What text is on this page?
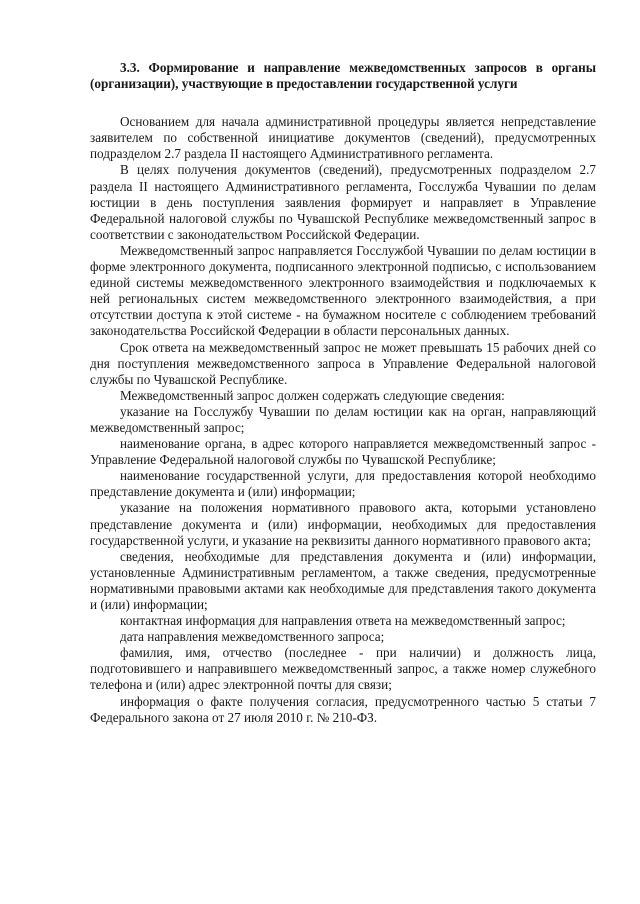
3.3. Формирование и направление межведомственных запросов в органы (организации), участвующие в предоставлении государственной услуги

Основанием для начала административной процедуры является непредставление заявителем по собственной инициативе документов (сведений), предусмотренных подразделом 2.7 раздела II настоящего Административного регламента.

В целях получения документов (сведений), предусмотренных подразделом 2.7 раздела II настоящего Административного регламента, Госслужба Чувашии по делам юстиции в день поступления заявления формирует и направляет в Управление Федеральной налоговой службы по Чувашской Республике межведомственный запрос в соответствии с законодательством Российской Федерации.

Межведомственный запрос направляется Госслужбой Чувашии по делам юстиции в форме электронного документа, подписанного электронной подписью, с использованием единой системы межведомственного электронного взаимодействия и подключаемых к ней региональных систем межведомственного электронного взаимодействия, а при отсутствии доступа к этой системе - на бумажном носителе с соблюдением требований законодательства Российской Федерации в области персональных данных.

Срок ответа на межведомственный запрос не может превышать 15 рабочих дней со дня поступления межведомственного запроса в Управление Федеральной налоговой службы по Чувашской Республике.

Межведомственный запрос должен содержать следующие сведения:

указание на Госслужбу Чувашии по делам юстиции как на орган, направляющий межведомственный запрос;

наименование органа, в адрес которого направляется межведомственный запрос - Управление Федеральной налоговой службы по Чувашской Республике;

наименование государственной услуги, для предоставления которой необходимо представление документа и (или) информации;

указание на положения нормативного правового акта, которыми установлено представление документа и (или) информации, необходимых для предоставления государственной услуги, и указание на реквизиты данного нормативного правового акта;

сведения, необходимые для представления документа и (или) информации, установленные Административным регламентом, а также сведения, предусмотренные нормативными правовыми актами как необходимые для представления такого документа и (или) информации;

контактная информация для направления ответа на межведомственный запрос;

дата направления межведомственного запроса;

фамилия, имя, отчество (последнее - при наличии) и должность лица, подготовившего и направившего межведомственный запрос, а также номер служебного телефона и (или) адрес электронной почты для связи;

информация о факте получения согласия, предусмотренного частью 5 статьи 7 Федерального закона от 27 июля 2010 г. № 210-ФЗ.
